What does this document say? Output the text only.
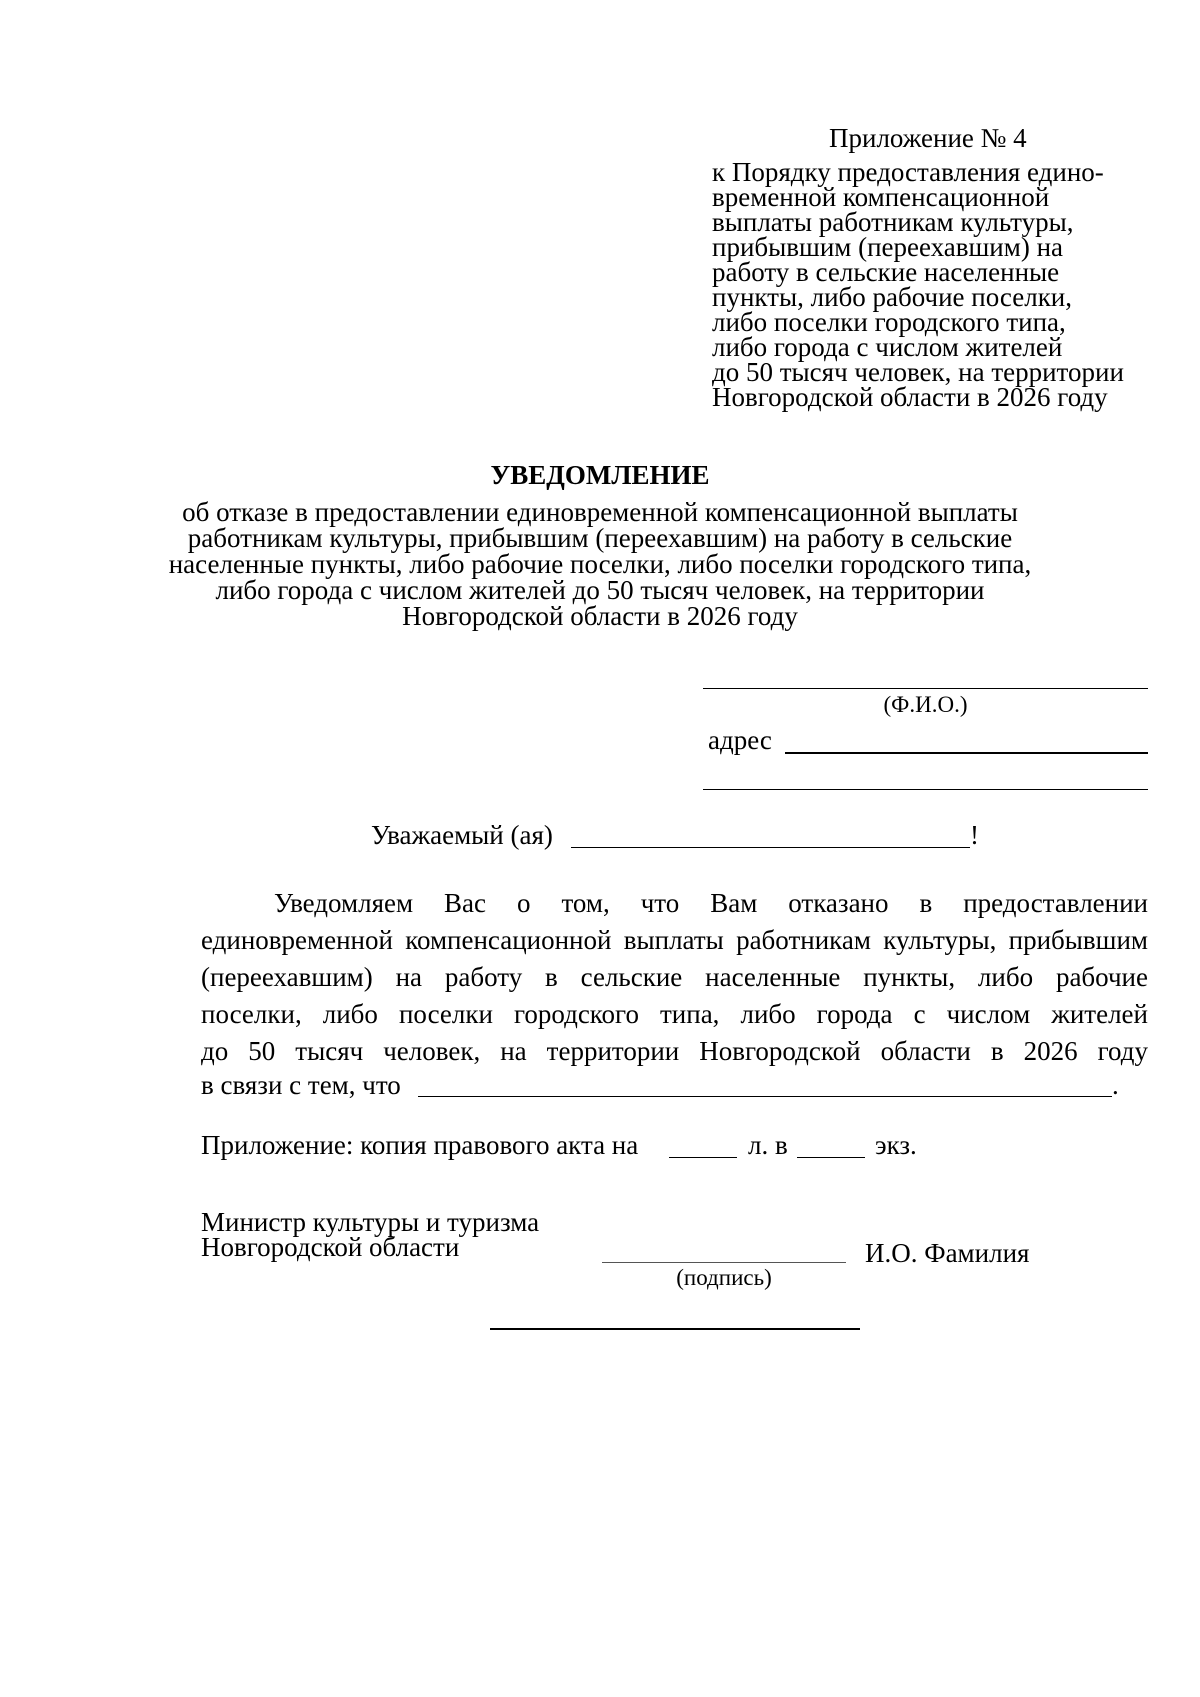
Приложение № 4
к Порядку предоставления едино-
временной компенсационной
выплаты работникам культуры,
прибывшим (переехавшим) на
работу в сельские населенные
пункты, либо рабочие поселки,
либо поселки городского типа,
либо города с числом жителей
до 50 тысяч человек, на территории
Новгородской области в 2026 году
УВЕДОМЛЕНИЕ
об отказе в предоставлении единовременной компенсационной выплаты
работникам культуры, прибывшим (переехавшим) на работу в сельские
населенные пункты, либо рабочие поселки, либо поселки городского типа,
либо города с числом жителей до 50 тысяч человек, на территории
Новгородской области в 2026 году
(Ф.И.О.)
адрес
Уважаемый (ая)	!
Уведомляем Вас о том, что Вам отказано в предоставлении
единовременной компенсационной выплаты работникам культуры, прибывшим
(переехавшим) на работу в сельские населенные пункты, либо рабочие
поселки, либо поселки городского типа, либо города с числом жителей
до 50 тысяч человек, на территории Новгородской области в 2026 году
в связи с тем, что	.
Приложение: копия правового акта на	л. в	экз.
Министр культуры и туризма
Новгородской области
(подпись)
И.О. Фамилия
